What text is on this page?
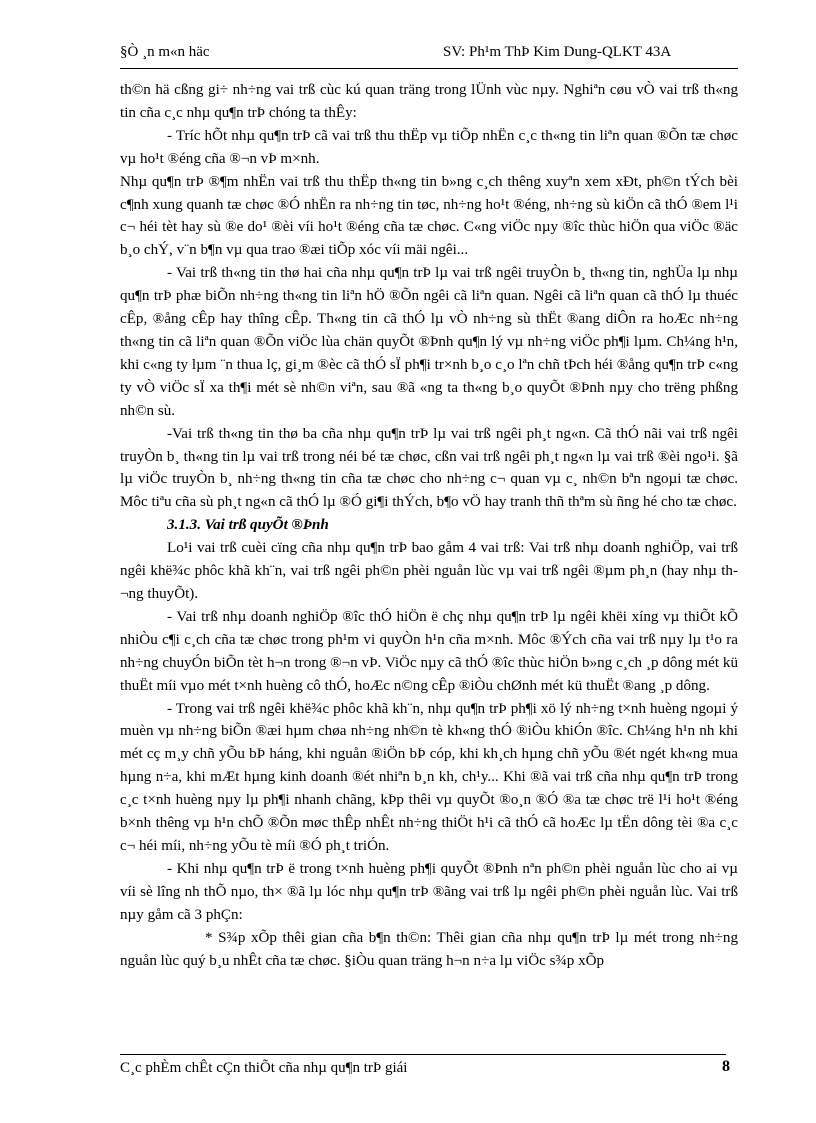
§Ò ¸n m«n häc	SV: Ph¹m ThÞ Kim Dung-QLKT 43A

th©n hä cßng gi÷ nh÷ng vai trß cùc kú quan träng trong lÜnh vùc nµy. Nghiªn cøu vÒ vai trß th«ng tin cña c¸c nhµ qu¶n trÞ chóng ta thÊy:

- Tríc hÕt nhµ qu¶n trÞ cã vai trß thu thËp vµ tiÕp nhËn c¸c th«ng tin liªn quan ®Õn tæ chøc vµ ho¹t ®éng cña ®¬n vÞ m×nh.

Nhµ qu¶n trÞ ®¶m nhËn vai trß thu thËp th«ng tin b»ng c¸ch thêng xuyªn xem xÐt, ph©n tÝch bèi c¶nh xung quanh tæ chøc ®Ó nhËn ra nh÷ng tin tøc, nh÷ng ho¹t ®éng, nh÷ng sù kiÖn cã thÓ ®em l¹i c¬ héi tèt hay sù ®e do¹ ®èi víi ho¹t ®éng cña tæ chøc. C«ng viÖc nµy ®îc thùc hiÖn qua viÖc ®äc b¸o chÝ, v¨n b¶n vµ qua trao ®æi tiÕp xóc víi mäi ngêi...

- Vai trß th«ng tin thø hai cña nhµ qu¶n trÞ lµ vai trß ngêi truyÒn b¸ th«ng tin, nghÜa lµ nhµ qu¶n trÞ phæ biÕn nh÷ng th«ng tin liªn hÖ ®Õn ngêi cã liªn quan. Ngêi cã liªn quan cã thÓ lµ thuéc cÊp, ®ång cÊp hay thîng cÊp. Th«ng tin cã thÓ lµ vÒ nh÷ng sù thËt ®ang diÔn ra hoÆc nh÷ng th«ng tin cã liªn quan ®Õn viÖc lùa chän quyÕt ®Þnh qu¶n lý vµ nh÷ng viÖc ph¶i lµm. Ch¼ng h¹n, khi c«ng ty lµm ¨n thua lç, gi¸m ®èc cã thÓ sÏ ph¶i tr×nh b¸o c¸o lªn chñ tÞch héi ®ång qu¶n trÞ c«ng ty vÒ viÖc sÏ xa th¶i mét sè nh©n viªn, sau ®ã «ng ta th«ng b¸o quyÕt ®Þnh nµy cho trëng phßng nh©n sù.

-Vai trß th«ng tin thø ba cña nhµ qu¶n trÞ lµ vai trß ngêi ph¸t ng«n. Cã thÓ nãi vai trß ngêi truyÒn b¸ th«ng tin lµ vai trß trong néi bé tæ chøc, cßn vai trß ngêi ph¸t ng«n lµ vai trß ®èi ngo¹i. §ã lµ viÖc truyÒn b¸ nh÷ng th«ng tin cña tæ chøc cho nh÷ng c¬ quan vµ c¸ nh©n bªn ngoµi tæ chøc. Môc tiªu cña sù ph¸t ng«n cã thÓ lµ ®Ó gi¶i thÝch, b¶o vÖ hay tranh thñ thªm sù ñng hé cho tæ chøc.

3.1.3. Vai trß quyÕt ®Þnh

Lo¹i vai trß cuèi cïng cña nhµ qu¶n trÞ bao gåm 4 vai trß: Vai trß nhµ doanh nghiÖp, vai trß ngêi khë¾c phôc khã kh¨n, vai trß ngêi ph©n phèi nguån lùc vµ vai trß ngêi ®µm ph¸n (hay nhµ th¬ng thuyÕt).

- Vai trß nhµ doanh nghiÖp ®îc thÓ hiÖn ë chç nhµ qu¶n trÞ lµ ngêi khëi xíng vµ thiÕt kÕ nhiÒu c¶i c¸ch cña tæ chøc trong ph¹m vi quyÒn h¹n cña m×nh. Môc ®Ých cña vai trß nµy lµ t¹o ra nh÷ng chuyÓn biÕn tèt h¬n trong ®¬n vÞ. ViÖc nµy cã thÓ ®îc thùc hiÖn b»ng c¸ch ¸p dông mét kü thuËt míi vµo mét t×nh huèng cô thÓ, hoÆc n©ng cÊp ®iÒu chØnh mét kü thuËt ®ang ¸p dông.

- Trong vai trß ngêi khë¾c phôc khã kh¨n, nhµ qu¶n trÞ ph¶i xö lý nh÷ng t×nh huèng ngoµi ý muèn vµ nh÷ng biÕn ®æi hµm chøa nh÷ng nh©n tè kh«ng thÓ ®iÒu khiÓn ®îc. Ch¼ng h¹n nh khi mét cç m¸y chñ yÕu bÞ háng, khi nguån ®iÖn bÞ cóp, khi kh¸ch hµng chñ yÕu ®ét ngét kh«ng mua hµng n÷a, khi mÆt hµng kinh doanh ®ét nhiªn b¸n kh, ch¹y... Khi ®ã vai trß cña nhµ qu¶n trÞ trong c¸c t×nh huèng nµy lµ ph¶i nhanh chãng, kÞp thêi vµ quyÕt ®o¸n ®Ó ®a tæ chøc trë l¹i ho¹t ®éng b×nh thêng vµ h¹n chÕ ®Õn møc thÊp nhÊt nh÷ng thiÖt h¹i cã thÓ cã hoÆc lµ tËn dông tèi ®a c¸c c¬ héi míi, nh÷ng yÕu tè míi ®Ó ph¸t triÓn.

- Khi nhµ qu¶n trÞ ë trong t×nh huèng ph¶i quyÕt ®Þnh nªn ph©n phèi nguån lùc cho ai vµ víi sè lîng nh thÕ nµo, th× ®ã lµ lóc nhµ qu¶n trÞ ®ãng vai trß lµ ngêi ph©n phèi nguån lùc. Vai trß nµy gåm cã 3 phÇn:

* S¾p xÕp thêi gian cña b¶n th©n: Thêi gian cña nhµ qu¶n trÞ lµ mét trong nh÷ng nguån lùc quý b¸u nhÊt cña tæ chøc. §iÒu quan träng h¬n n÷a lµ viÖc s¾p xÕp

C¸c phÈm chÊt cÇn thiÕt cña nhµ qu¶n trÞ giái	8
